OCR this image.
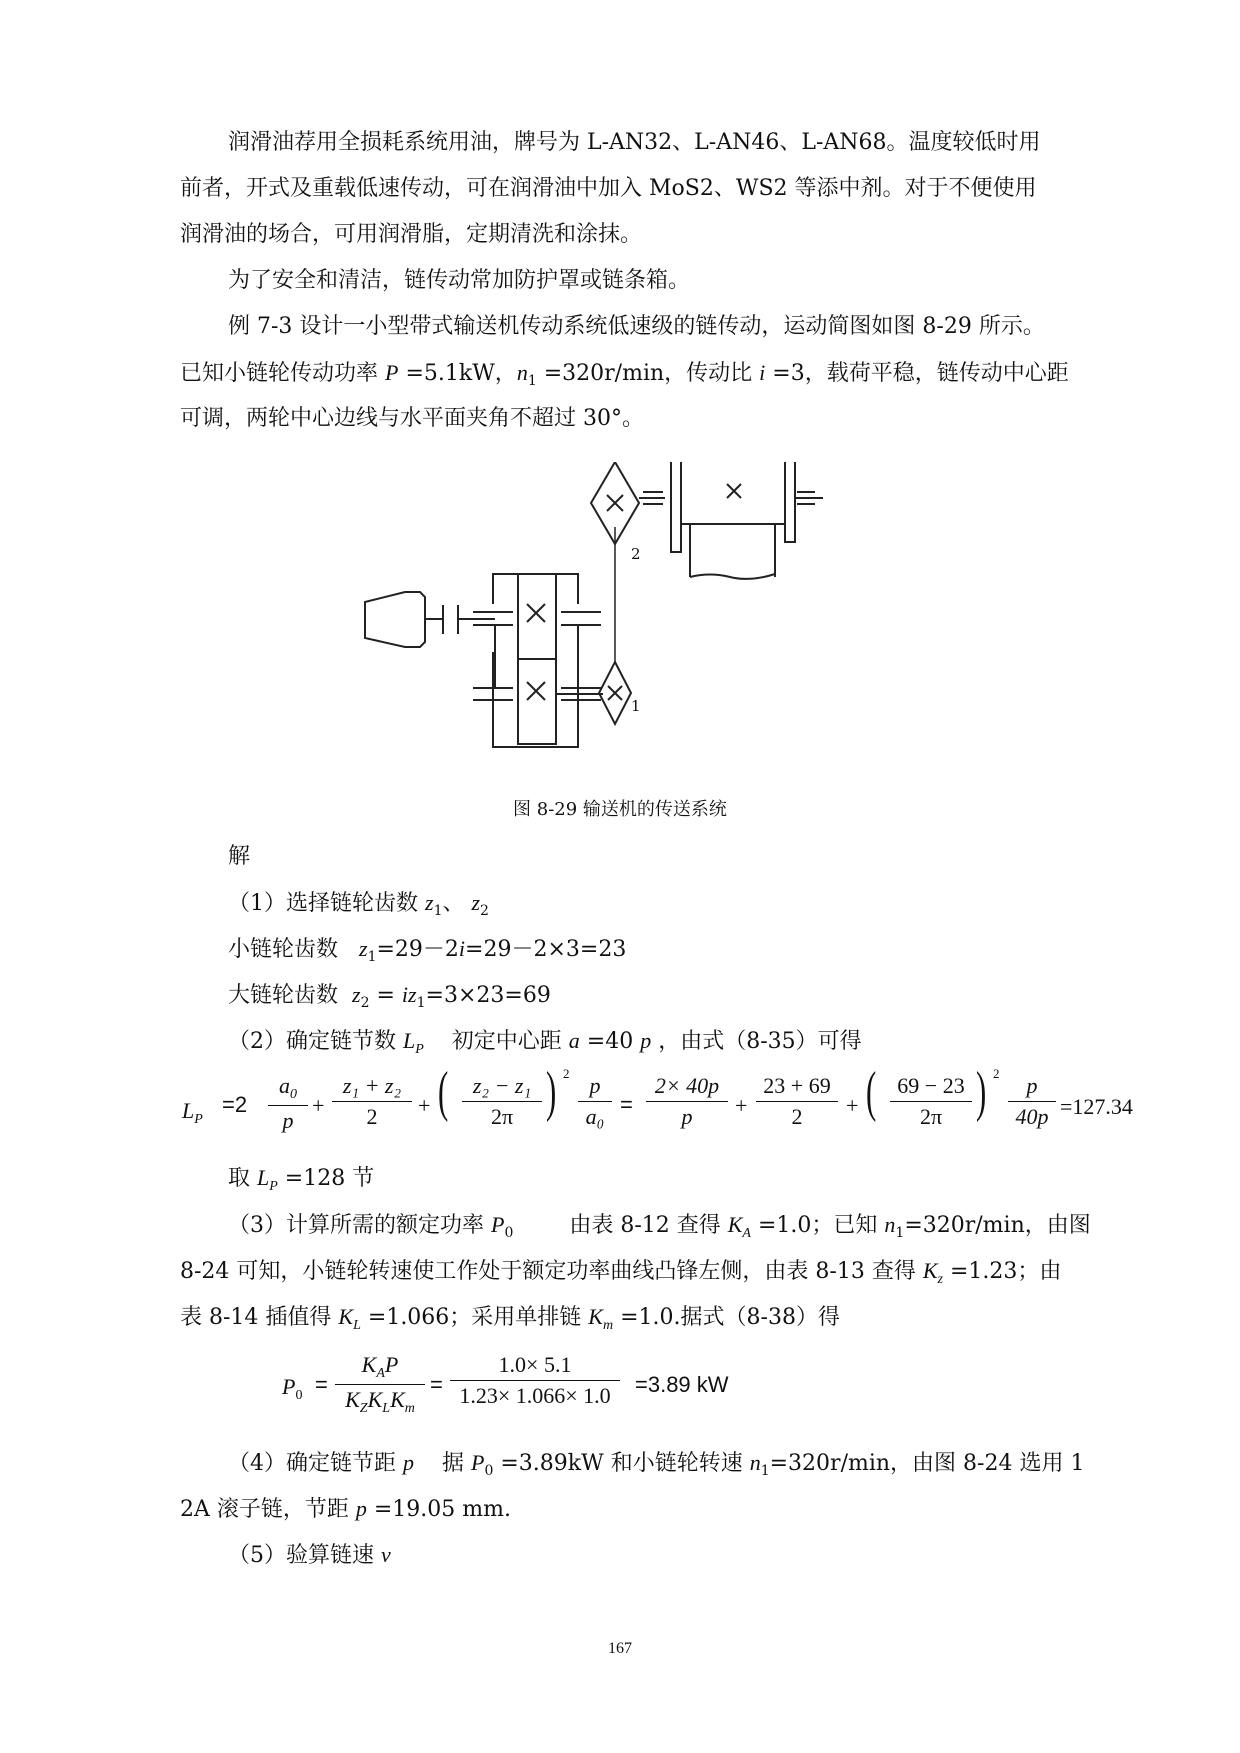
润滑油荐用全损耗系统用油，牌号为 L-AN32、L-AN46、L-AN68。温度较低时用
前者，开式及重载低速传动，可在润滑油中加入 MoS2、WS2 等添中剂。对于不便使用
润滑油的场合，可用润滑脂，定期清洗和涂抹。
为了安全和清洁，链传动常加防护罩或链条箱。
例 7-3 设计一小型带式输送机传动系统低速级的链传动，运动简图如图 8-29 所示。
已知小链轮传动功率 P =5.1kW，$n_1 =320r/\min$，传动比 i =3，载荷平稳，链传动中心距
可调，两轮中心边线与水平面夹角不超过 30°。
2
1
图 8-29 输送机的传送系统
解
（1）选择链轮齿数 $z_1$、 $z_2$
小链轮齿数 $z_1=29-2i=29-2\times 3=23$
大链轮齿数 $z_2 = iz_1=3\times 23=69$
（2）确定链节数 $L_P$ 初定中心距 a =40 p ，由式（8-35）可得
$L_P$
=2
$a_0$
p
+
z₁ + z₂
2	+ (	z₂ − z₁
2π ) 2 p
a₀ =
2× 40p
p	+
23 + 69
2	+ ( 69 − 23
2π ) 2	p
40p =127.34
取 $L_P =128$ 节
（3）计算所需的额定功率 $P_0$	由表 8-12 查得 $K_A =1.0$；已知 $n_1=320r/\min$，由图
8-24 可知，小链轮转速使工作处于额定功率曲线凸锋左侧，由表 8-13 查得 $K_z =1.23$；由
表 8-14 插值得 $K_L =1.066$；采用单排链 $K_m =1.0$.据式（8-38）得
$P_0$ =
$K_AP$
$K_ZK_LK_m$
=
1.0× 5.1
1.23× 1.066× 1.0	=3.89 kW
（4）确定链节距 p 据 $P_0 =3.89kW$ 和小链轮转速 $n_1=320r/\min$，由图 8-24 选用 1
2A 滚子链，节距 p =19.05 mm.
（5）验算链速 v
167
